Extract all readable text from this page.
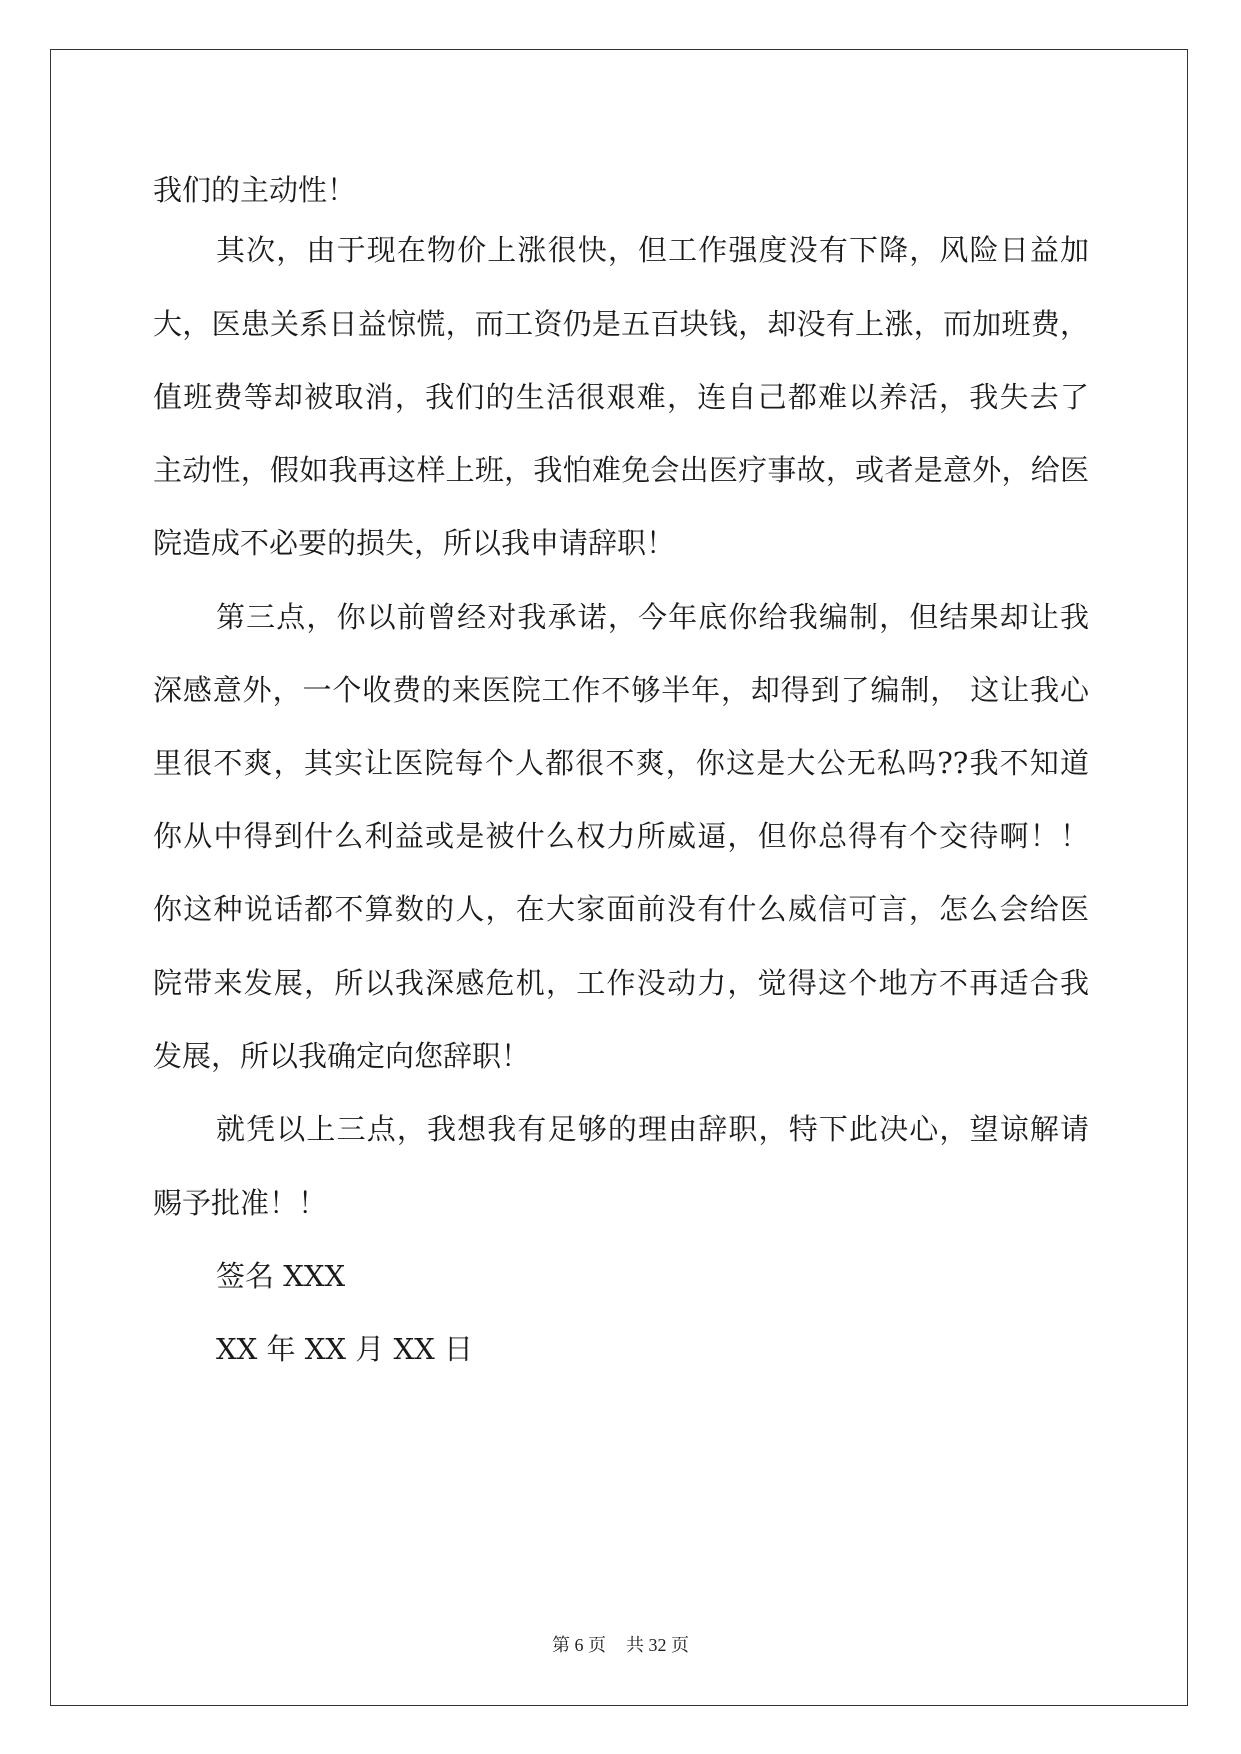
我们的主动性！
其次，由于现在物价上涨很快，但工作强度没有下降，风险日益加
大，医患关系日益惊慌，而工资仍是五百块钱，却没有上涨，而加班费，
值班费等却被取消，我们的生活很艰难，连自己都难以养活，我失去了
主动性，假如我再这样上班，我怕难免会出医疗事故，或者是意外，给医
院造成不必要的损失，所以我申请辞职！
第三点，你以前曾经对我承诺，今年底你给我编制，但结果却让我
深感意外，一个收费的来医院工作不够半年，却得到了编制， 这让我心
里很不爽，其实让医院每个人都很不爽，你这是大公无私吗??我不知道
你从中得到什么利益或是被什么权力所威逼，但你总得有个交待啊！！
你这种说话都不算数的人，在大家面前没有什么威信可言，怎么会给医
院带来发展，所以我深感危机，工作没动力，觉得这个地方不再适合我
发展，所以我确定向您辞职！
就凭以上三点，我想我有足够的理由辞职，特下此决心，望谅解请
赐予批准！！
签名 XXX
XX 年 XX 月 XX 日
第 6 页 共 32 页
